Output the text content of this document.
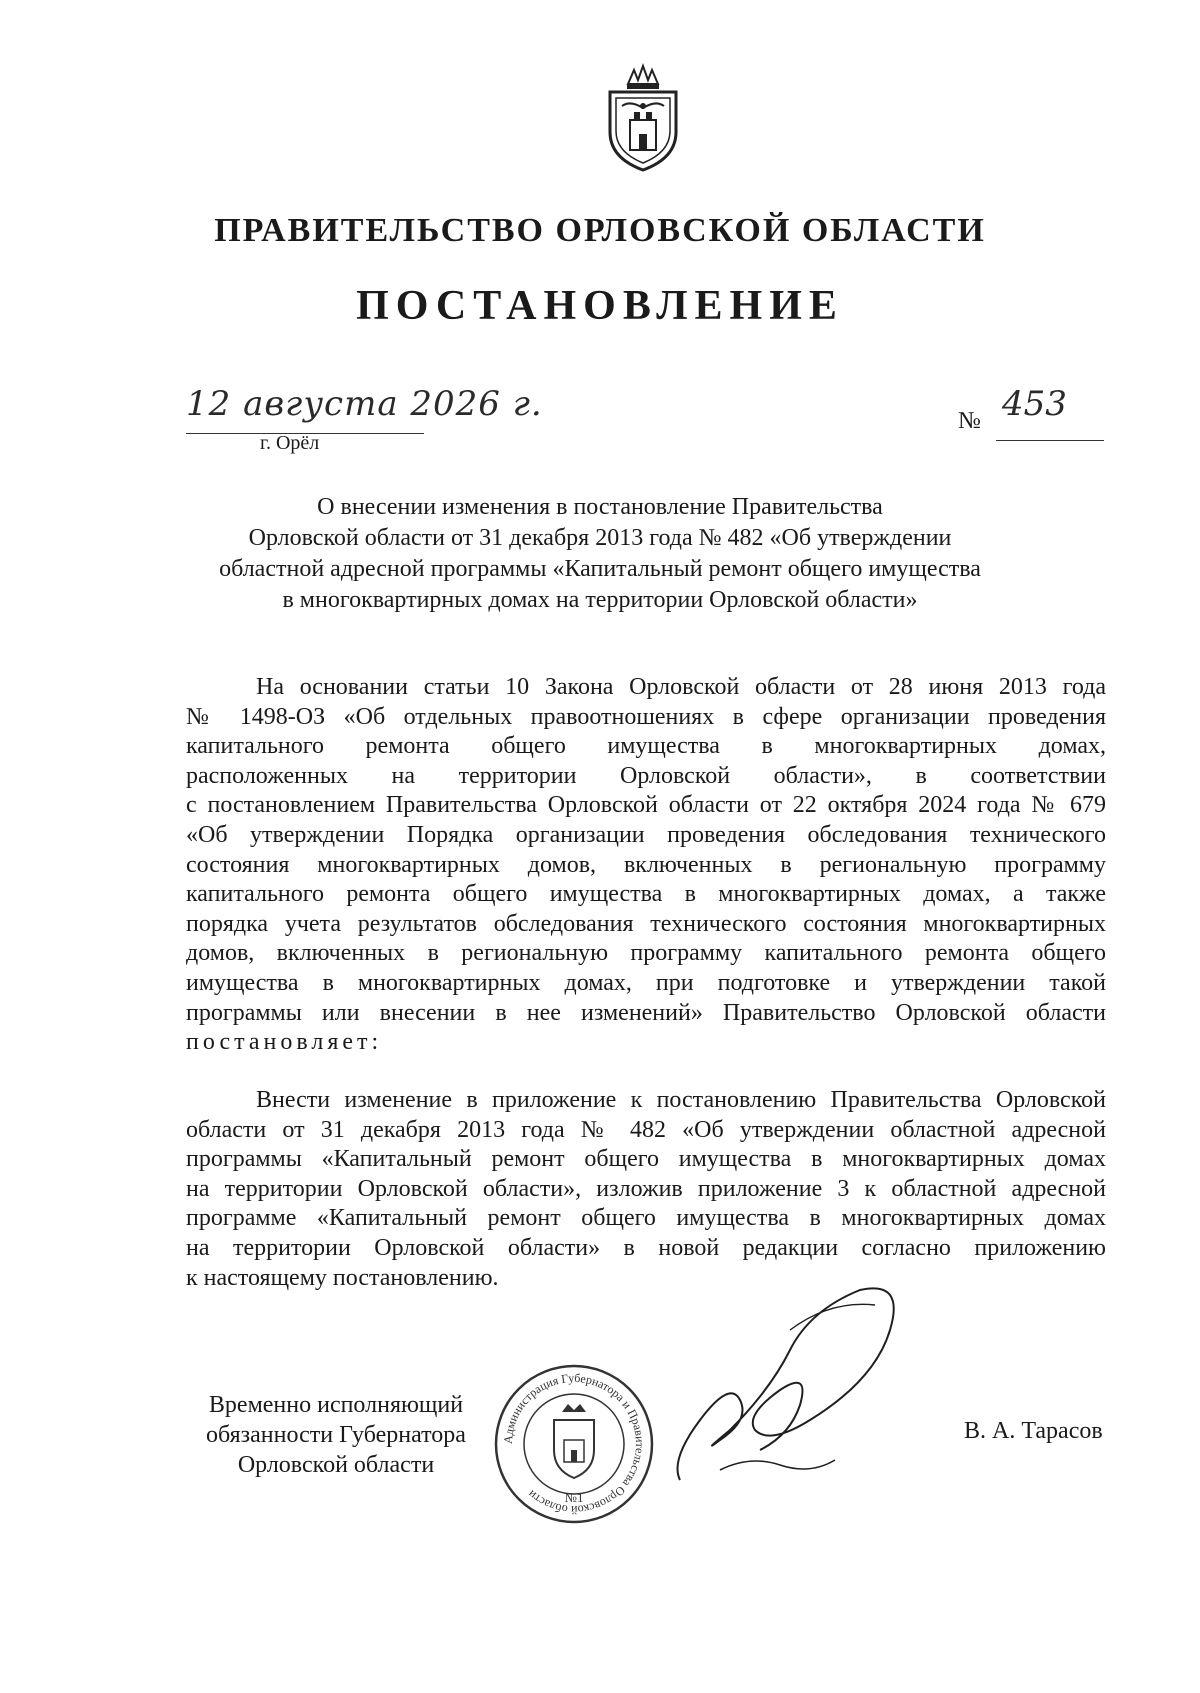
ПРАВИТЕЛЬСТВО ОРЛОВСКОЙ ОБЛАСТИ
ПОСТАНОВЛЕНИЕ
12 августа 2026 г.
г. Орёл
№ 453
О внесении изменения в постановление Правительства
Орловской области от 31 декабря 2013 года № 482 «Об утверждении
областной адресной программы «Капитальный ремонт общего имущества
в многоквартирных домах на территории Орловской области»
На основании статьи 10 Закона Орловской области от 28 июня 2013 года
№ 1498-ОЗ «Об отдельных правоотношениях в сфере организации проведения
капитального ремонта общего имущества в многоквартирных домах,
расположенных на территории Орловской области», в соответствии
с постановлением Правительства Орловской области от 22 октября 2024 года № 679
«Об утверждении Порядка организации проведения обследования технического
состояния многоквартирных домов, включенных в региональную программу
капитального ремонта общего имущества в многоквартирных домах, а также
порядка учета результатов обследования технического состояния многоквартирных
домов, включенных в региональную программу капитального ремонта общего
имущества в многоквартирных домах, при подготовке и утверждении такой
программы или внесении в нее изменений» Правительство Орловской области
постановляет:
Внести изменение в приложение к постановлению Правительства Орловской
области от 31 декабря 2013 года № 482 «Об утверждении областной адресной
программы «Капитальный ремонт общего имущества в многоквартирных домах
на территории Орловской области», изложив приложение 3 к областной адресной
программе «Капитальный ремонт общего имущества в многоквартирных домах
на территории Орловской области» в новой редакции согласно приложению
к настоящему постановлению.
Временно исполняющий
обязанности Губернатора
Орловской области
Администрация Губернатора и Правительства Орловской области	№1
В. А. Тарасов
